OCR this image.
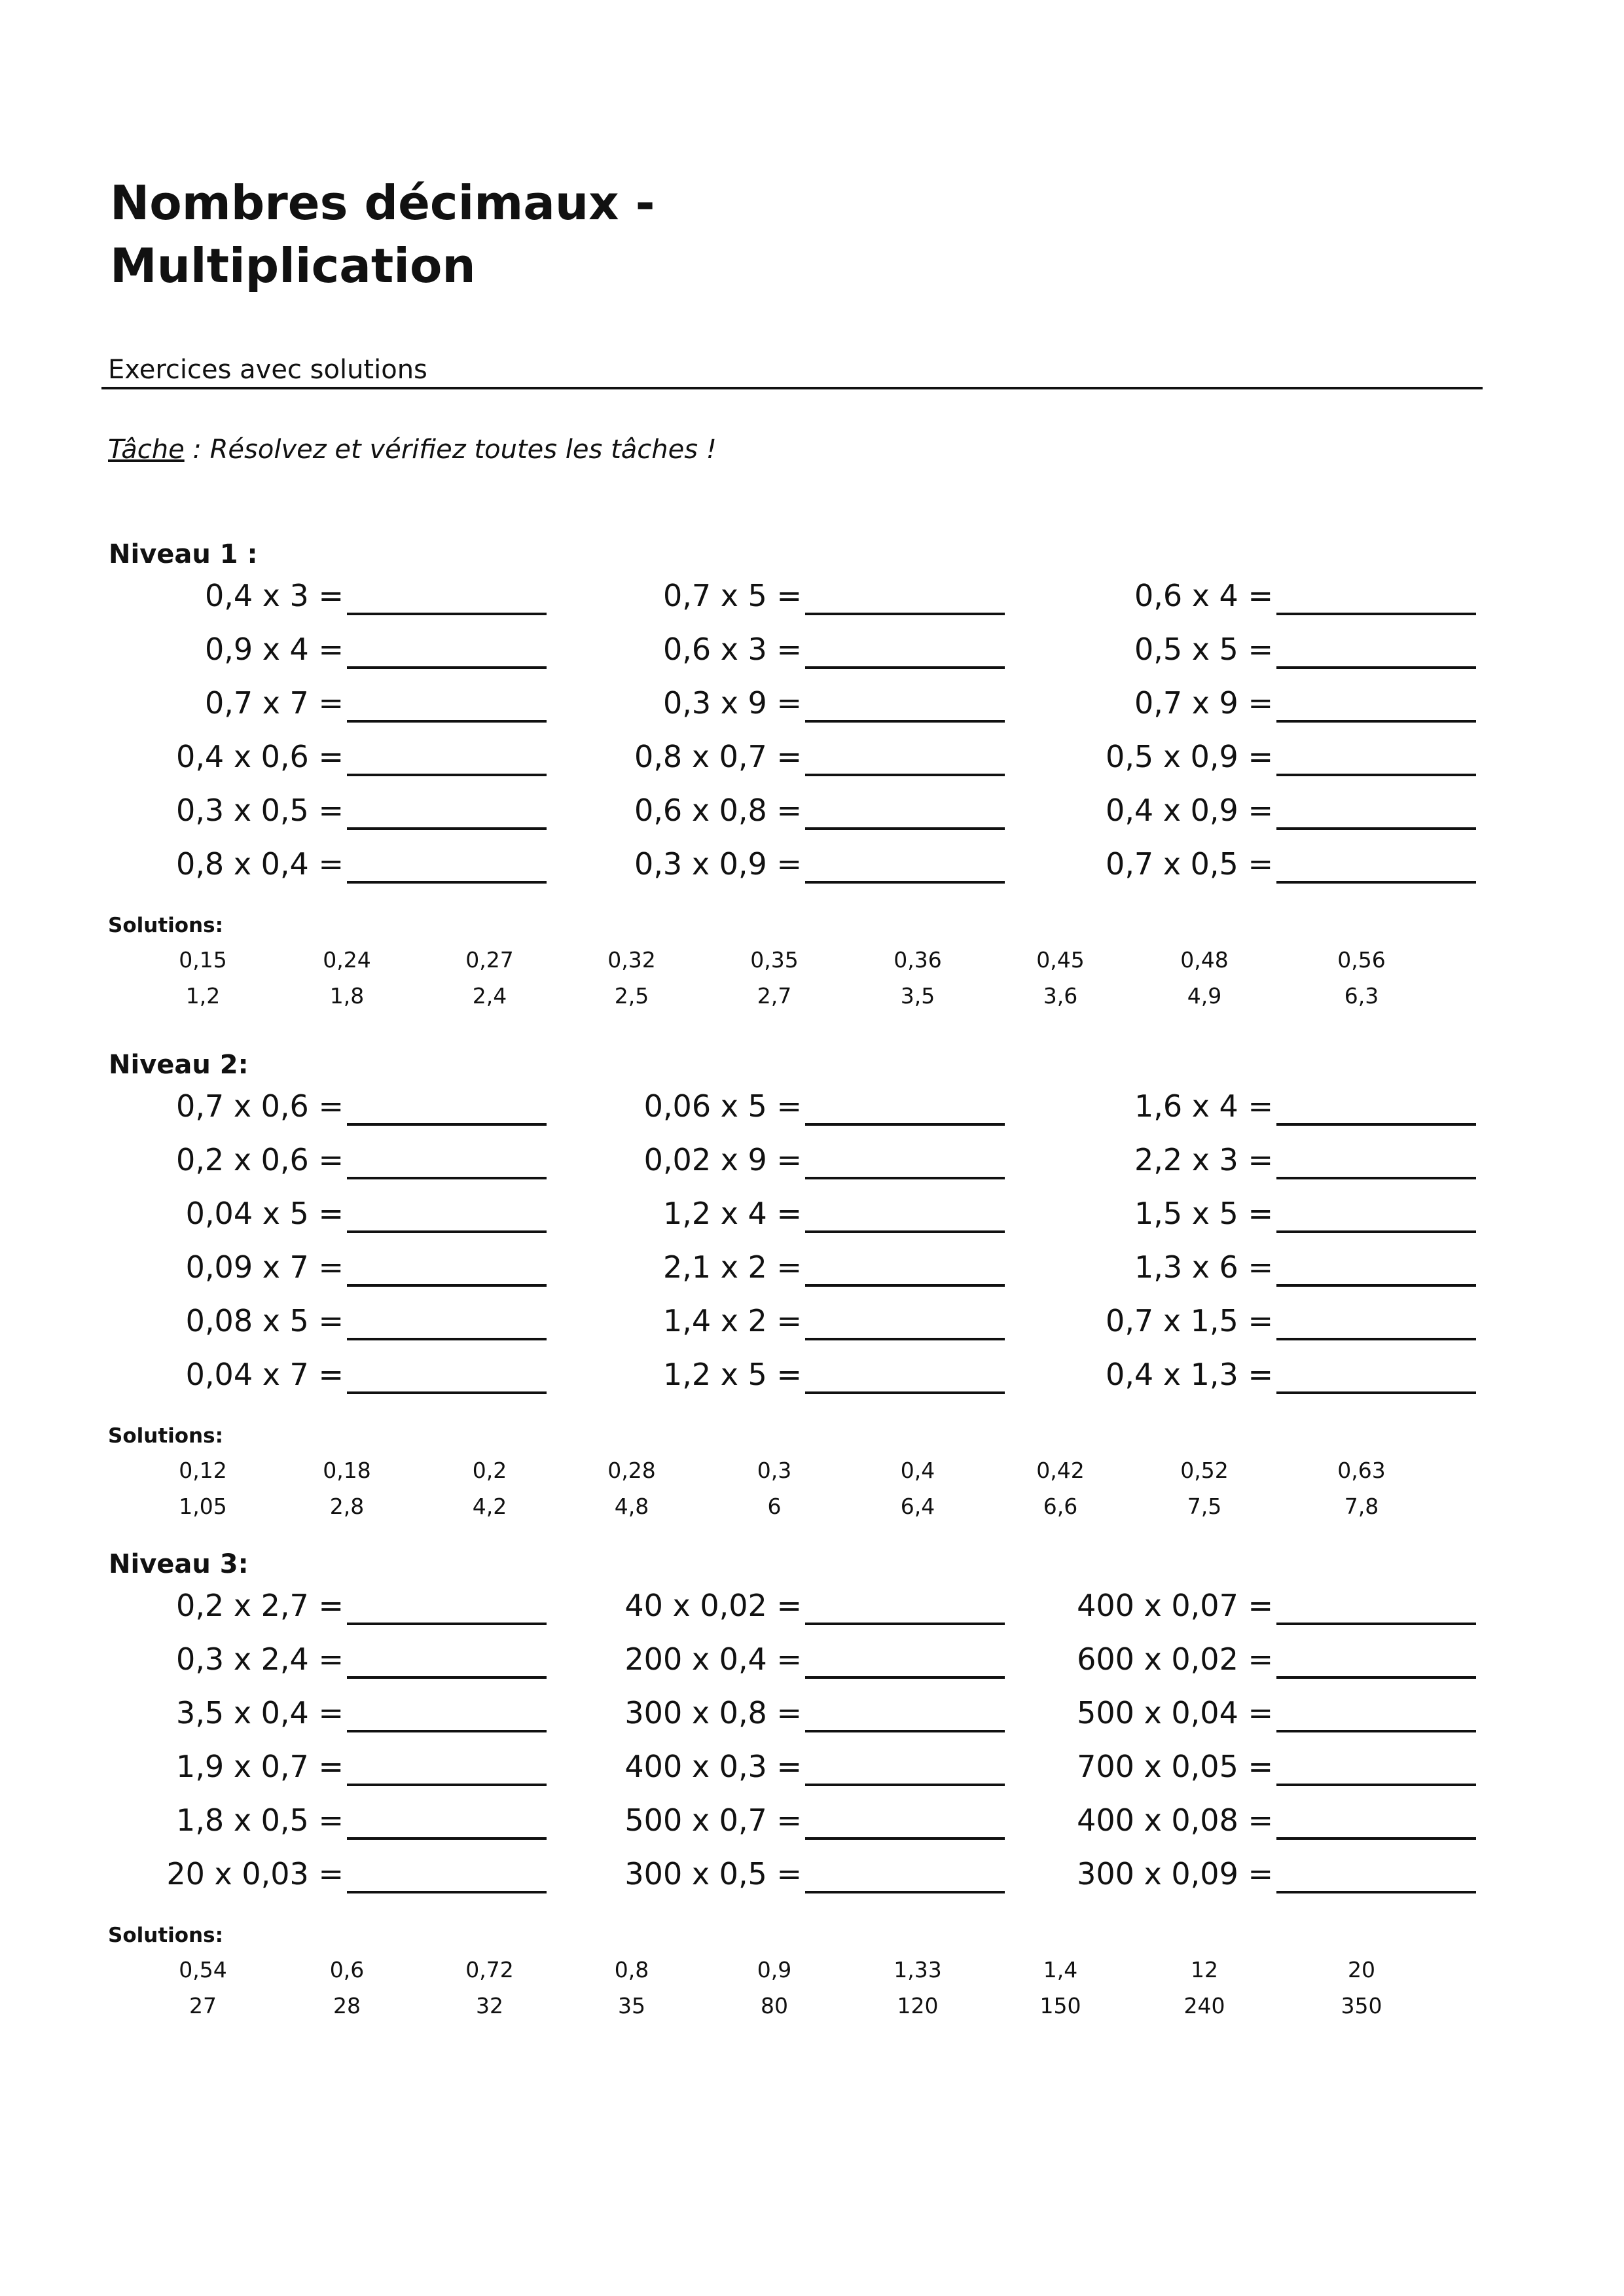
Nombres décimaux -
Multiplication
Exercices avec solutions
Tâche : Résolvez et vérifiez toutes les tâches !
Niveau 1 :
0,4 x 3 =	0,7 x 5 =	0,6 x 4 =
0,9 x 4 =	0,6 x 3 =	0,5 x 5 =
0,7 x 7 =	0,3 x 9 =	0,7 x 9 =
0,4 x 0,6 =	0,8 x 0,7 =	0,5 x 0,9 =
0,3 x 0,5 =	0,6 x 0,8 =	0,4 x 0,9 =
0,8 x 0,4 =	0,3 x 0,9 =	0,7 x 0,5 =
Solutions:
0,15	0,24	0,27	0,32	0,35	0,36	0,45	0,48	0,56
1,2	1,8	2,4	2,5	2,7	3,5	3,6	4,9	6,3
Niveau 2:
0,7 x 0,6 =	0,06 x 5 =	1,6 x 4 =
0,2 x 0,6 =	0,02 x 9 =	2,2 x 3 =
0,04 x 5 =	1,2 x 4 =	1,5 x 5 =
0,09 x 7 =	2,1 x 2 =	1,3 x 6 =
0,08 x 5 =	1,4 x 2 =	0,7 x 1,5 =
0,04 x 7 =	1,2 x 5 =	0,4 x 1,3 =
Solutions:
0,12	0,18	0,2	0,28	0,3	0,4	0,42	0,52	0,63
1,05	2,8	4,2	4,8	6	6,4	6,6	7,5	7,8
Niveau 3:
0,2 x 2,7 =	40 x 0,02 =	400 x 0,07 =
0,3 x 2,4 =	200 x 0,4 =	600 x 0,02 =
3,5 x 0,4 =	300 x 0,8 =	500 x 0,04 =
1,9 x 0,7 =	400 x 0,3 =	700 x 0,05 =
1,8 x 0,5 =	500 x 0,7 =	400 x 0,08 =
20 x 0,03 =	300 x 0,5 =	300 x 0,09 =
Solutions:
0,54	0,6	0,72	0,8	0,9	1,33	1,4	12	20
27	28	32	35	80	120	150	240	350
